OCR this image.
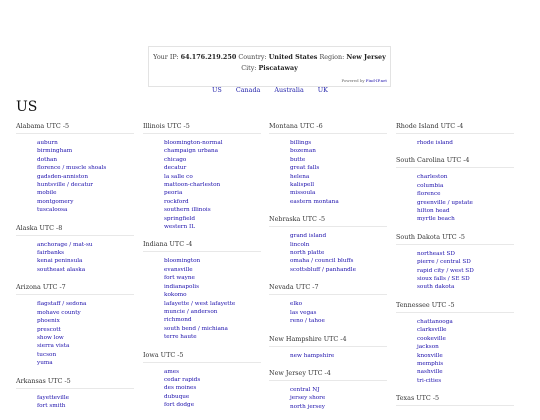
Your IP: 64.176.219.250 Country: United States Region: New Jersey
City: Piscataway
Powered by Find-IP.net
US Canada Australia UK
US
Alabama UTC -5
auburn
birmingham
dothan
florence / muscle shoals
gadsden-anniston
huntsville / decatur
mobile
montgomery
tuscaloosa
Alaska UTC -8
anchorage / mat-su
fairbanks
kenai peninsula
southeast alaska
Arizona UTC -7
flagstaff / sedona
mohave county
phoenix
prescott
show low
sierra vista
tucson
yuma
Arkansas UTC -5
fayetteville
fort smith
Illinois UTC -5
bloomington-normal
champaign urbana
chicago
decatur
la salle co
mattoon-charleston
peoria
rockford
southern illinois
springfield
western IL
Indiana UTC -4
bloomington
evansville
fort wayne
indianapolis
kokomo
lafayette / west lafayette
muncie / anderson
richmond
south bend / michiana
terre haute
Iowa UTC -5
ames
cedar rapids
des moines
dubuque
fort dodge
Montana UTC -6
billings
bozeman
butte
great falls
helena
kalispell
missoula
eastern montana
Nebraska UTC -5
grand island
lincoln
north platte
omaha / council bluffs
scottsbluff / panhandle
Nevada UTC -7
elko
las vegas
reno / tahoe
New Hampshire UTC -4
new hampshire
New Jersey UTC -4
central NJ
jersey shore
north jersey
Rhode Island UTC -4
rhode island
South Carolina UTC -4
charleston
columbia
florence
greenville / upstate
hilton head
myrtle beach
South Dakota UTC -5
northeast SD
pierre / central SD
rapid city / west SD
sioux falls / SE SD
south dakota
Tennessee UTC -5
chattanooga
clarksville
cookeville
jackson
knoxville
memphis
nashville
tri-cities
Texas UTC -5
